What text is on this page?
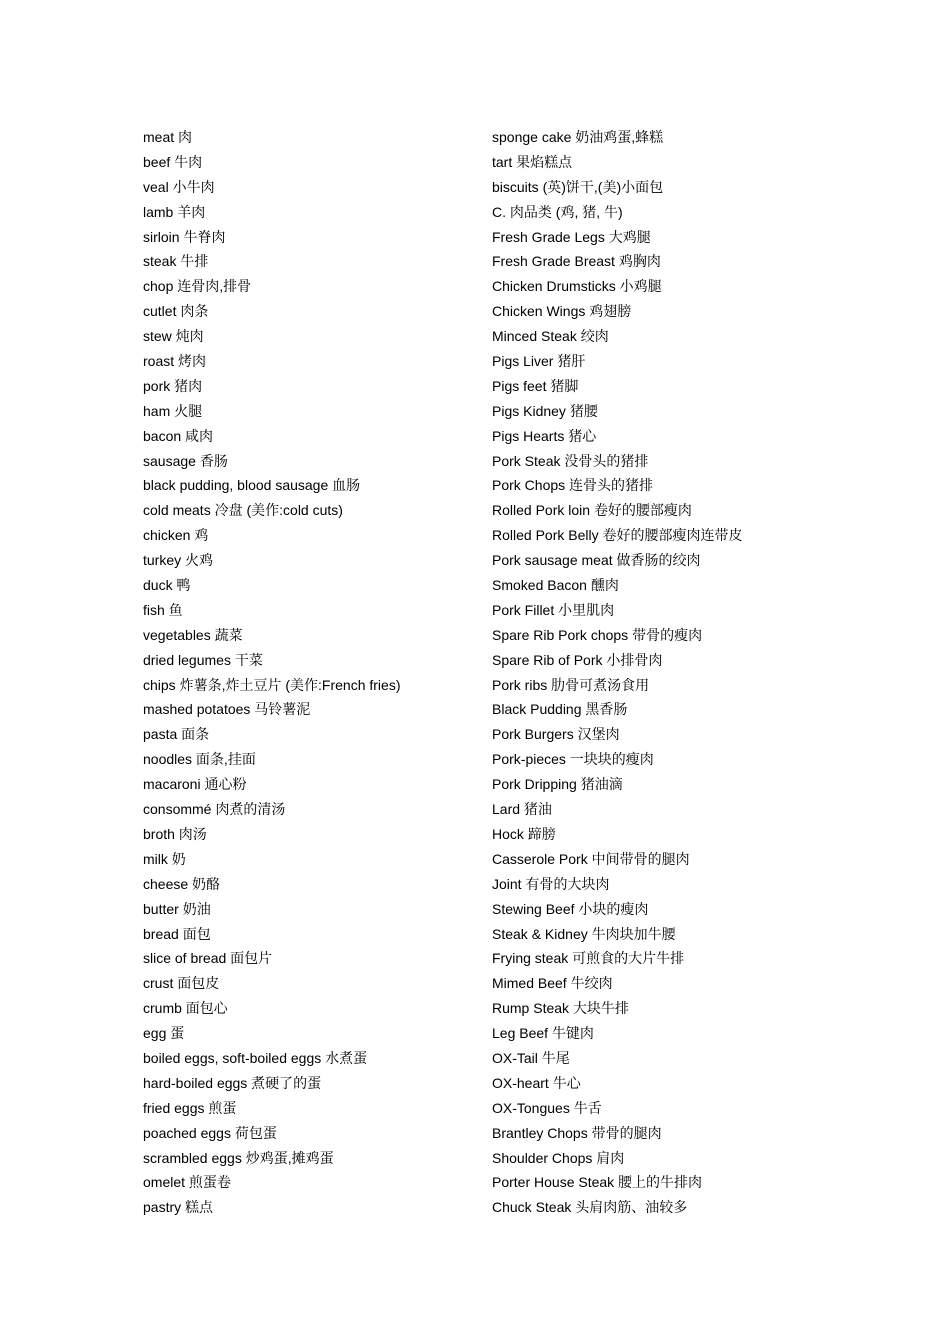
meat 肉
beef 牛肉
veal 小牛肉
lamb 羊肉
sirloin 牛脊肉
steak 牛排
chop 连骨肉,排骨
cutlet 肉条
stew 炖肉
roast 烤肉
pork 猪肉
ham 火腿
bacon 咸肉
sausage 香肠
black pudding, blood sausage 血肠
cold meats 冷盘 (美作:cold cuts)
chicken 鸡
turkey 火鸡
duck 鸭
fish 鱼
vegetables 蔬菜
dried legumes 干菜
chips 炸薯条,炸土豆片 (美作:French fries)
mashed potatoes 马铃薯泥
pasta 面条
noodles 面条,挂面
macaroni 通心粉
consommé 肉煮的清汤
broth 肉汤
milk 奶
cheese 奶酪
butter 奶油
bread 面包
slice of bread 面包片
crust 面包皮
crumb 面包心
egg 蛋
boiled eggs, soft-boiled eggs 水煮蛋
hard-boiled eggs 煮硬了的蛋
fried eggs 煎蛋
poached eggs 荷包蛋
scrambled eggs 炒鸡蛋,摊鸡蛋
omelet 煎蛋卷
pastry 糕点
sponge cake 奶油鸡蛋,蜂糕
tart 果焰糕点
biscuits (英)饼干,(美)小面包
C. 肉品类 (鸡, 猪, 牛)
Fresh Grade Legs 大鸡腿
Fresh Grade Breast 鸡胸肉
Chicken Drumsticks 小鸡腿
Chicken Wings 鸡翅膀
Minced Steak 绞肉
Pigs Liver 猪肝
Pigs feet 猪脚
Pigs Kidney 猪腰
Pigs Hearts 猪心
Pork Steak 没骨头的猪排
Pork Chops 连骨头的猪排
Rolled Pork loin 卷好的腰部瘦肉
Rolled Pork Belly 卷好的腰部瘦肉连带皮
Pork sausage meat 做香肠的绞肉
Smoked Bacon 醺肉
Pork Fillet 小里肌肉
Spare Rib Pork chops 带骨的瘦肉
Spare Rib of Pork 小排骨肉
Pork ribs 肋骨可煮汤食用
Black Pudding 黑香肠
Pork Burgers 汉堡肉
Pork-pieces 一块块的瘦肉
Pork Dripping 猪油滴
Lard 猪油
Hock 蹄膀
Casserole Pork 中间带骨的腿肉
Joint 有骨的大块肉
Stewing Beef 小块的瘦肉
Steak & Kidney 牛肉块加牛腰
Frying steak 可煎食的大片牛排
Mimed Beef 牛绞肉
Rump Steak 大块牛排
Leg Beef 牛键肉
OX-Tail 牛尾
OX-heart 牛心
OX-Tongues 牛舌
Brantley Chops 带骨的腿肉
Shoulder Chops 肩肉
Porter House Steak 腰上的牛排肉
Chuck Steak 头肩肉筋、油较多
